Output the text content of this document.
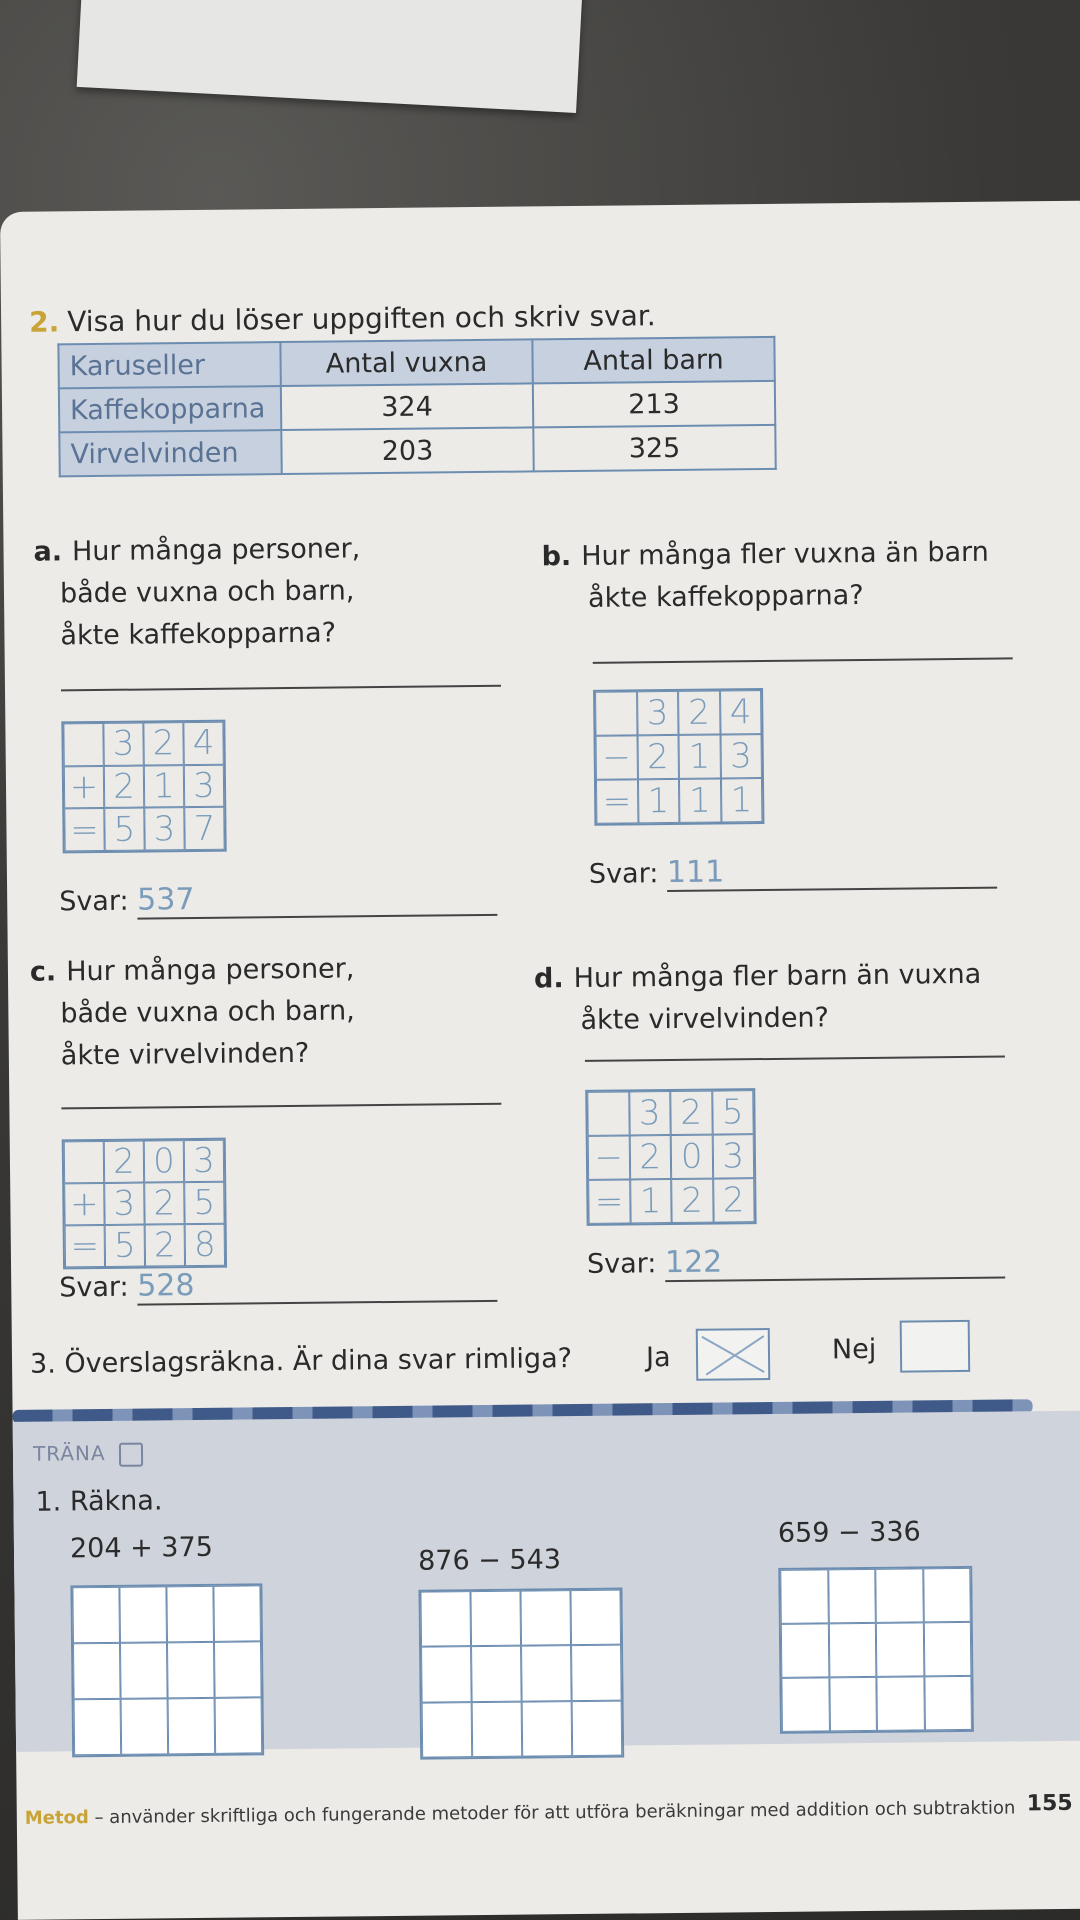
2. Visa hur du löser uppgiften och skriv svar.
Karuseller	Antal vuxna	Antal barn
Kaffekopparna	324	213
Virvelvinden	203	325
a. Hur många personer,
både vuxna och barn,
åkte kaffekopparna?
3 2 4
+ 2 1 3
= 5 3 7
Svar: 537
b. Hur många fler vuxna än barn
åkte kaffekopparna?
3 2 4
− 2 1 3
= 1 1 1
Svar: 111
c. Hur många personer,
både vuxna och barn,
åkte virvelvinden?
2 0 3
+ 3 2 5
= 5 2 8
Svar: 528
d. Hur många fler barn än vuxna
åkte virvelvinden?
3 2 5
− 2 0 3
= 1 2 2
Svar: 122
3. Överslagsräkna. Är dina svar rimliga?	Ja	Nej
TRÄNA
1. Räkna.
204 + 375	876 − 543
659 − 336
Metod – använder skriftliga och fungerande metoder för att utföra beräkningar med addition och subtraktion 155
